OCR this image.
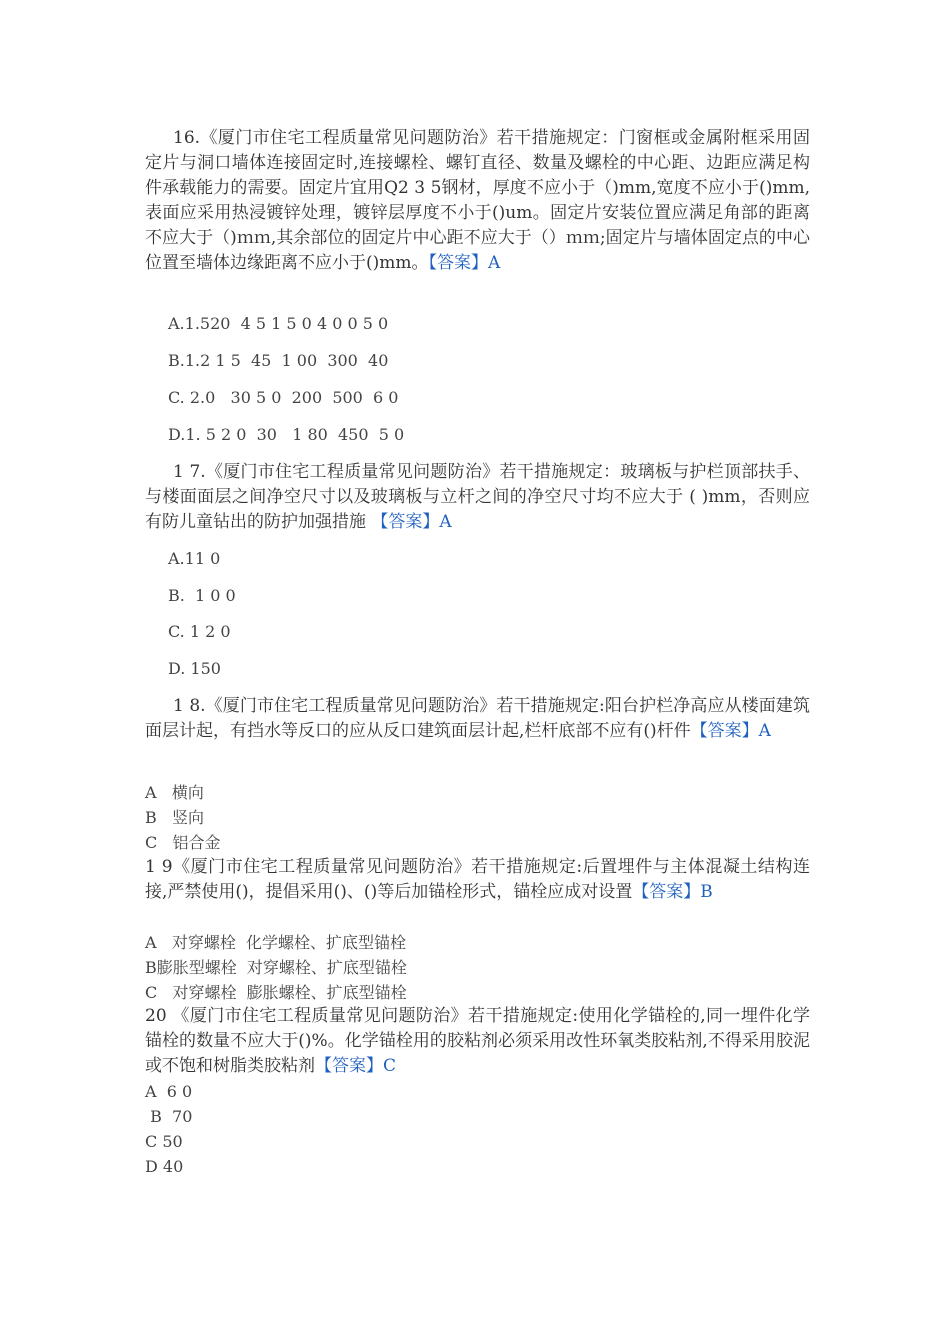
16.《厦门市住宅工程质量常见问题防治》若干措施规定：门窗框或金属附框采用固定片与洞口墙体连接固定时,连接螺栓、螺钉直径、数量及螺栓的中心距、边距应满足构件承载能力的需要。固定片宜用Q2 3 5钢材，厚度不应小于（)mm,宽度不应小于()mm,表面应采用热浸镀锌处理，镀锌层厚度不小于()um。固定片安装位置应满足角部的距离不应大于（)ｍｍ,其余部位的固定片中心距不应大于（）ｍｍ;固定片与墙体固定点的中心位置至墙体边缘距离不应小于()mm。【答案】A

A.1.520  4 5 1 5 0 4 0 0 5 0

B.1.2 1 5  45  1 00  300  40

C. 2.0   30 5 0  200  500  6 0

D.1. 5 2 0  30   1 80  450  5 0

1 7.《厦门市住宅工程质量常见问题防治》若干措施规定：玻璃板与护栏顶部扶手、与楼面面层之间净空尺寸以及玻璃板与立杆之间的净空尺寸均不应大于 ( )mm，否则应有防儿童钻出的防护加强措施 【答案】A

A.11 0

B.  1 0 0

C. 1 2 0

D. 150

1 8.《厦门市住宅工程质量常见问题防治》若干措施规定:阳台护栏净高应从楼面建筑面层计起，有挡水等反口的应从反口建筑面层计起,栏杆底部不应有()杆件【答案】A

A   横向

B   竖向

C   铝合金

1 9《厦门市住宅工程质量常见问题防治》若干措施规定:后置埋件与主体混凝土结构连接,严禁使用()，提倡采用()、()等后加锚栓形式，锚栓应成对设置【答案】B

A   对穿螺栓  化学螺栓、扩底型锚栓

B膨胀型螺栓  对穿螺栓、扩底型锚栓

C   对穿螺栓  膨胀螺栓、扩底型锚栓

20 《厦门市住宅工程质量常见问题防治》若干措施规定:使用化学锚栓的,同一埋件化学锚栓的数量不应大于()%。化学锚栓用的胶粘剂必须采用改性环氧类胶粘剂,不得采用胶泥或不饱和树脂类胶粘剂【答案】C

A  6 0

B  70

C 50

D 40
